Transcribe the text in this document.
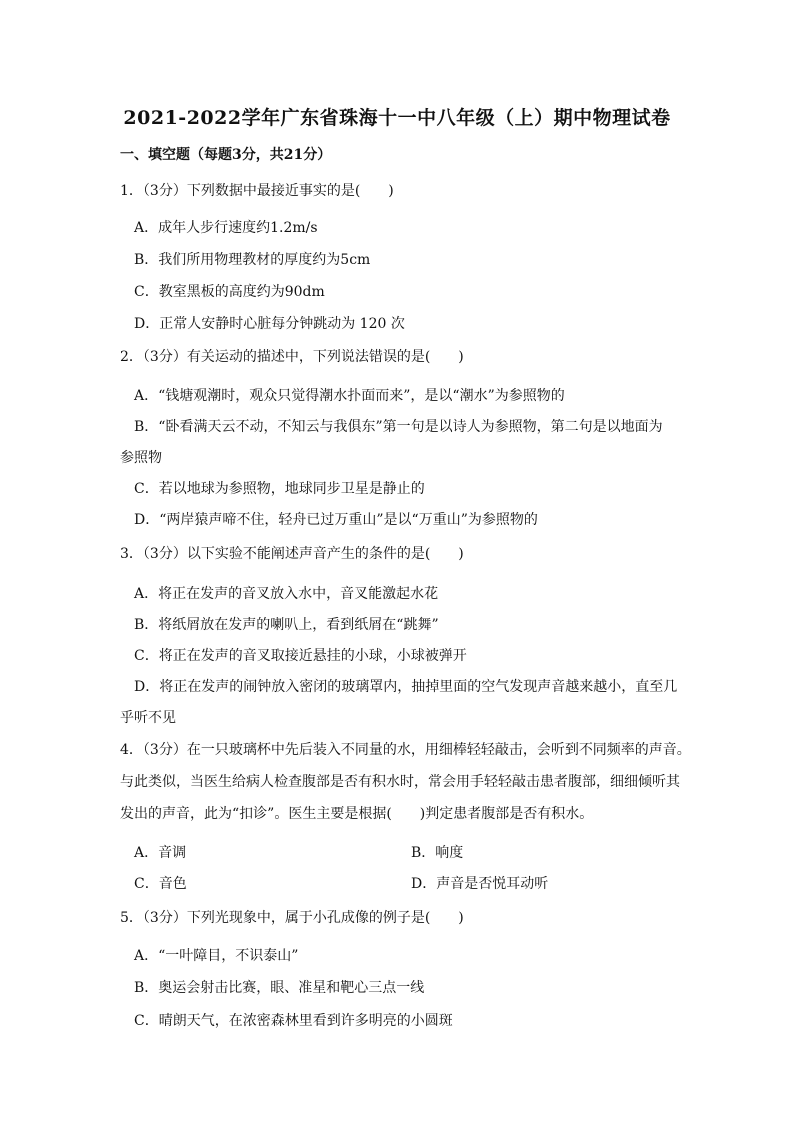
2021-2022学年广东省珠海十一中八年级（上）期中物理试卷
一、填空题（每题3分，共21分）
1．（3分）下列数据中最接近事实的是(　　)
A．成年人步行速度约1.2m/s
B．我们所用物理教材的厚度约为5cm
C．教室黑板的高度约为90dm
D．正常人安静时心脏每分钟跳动为 120 次
2．（3分）有关运动的描述中，下列说法错误的是(　　)
A．“钱塘观潮时，观众只觉得潮水扑面而来”，是以“潮水”为参照物的
B．“卧看满天云不动，不知云与我俱东”第一句是以诗人为参照物，第二句是以地面为
参照物
C．若以地球为参照物，地球同步卫星是静止的
D．“两岸猿声啼不住，轻舟已过万重山”是以“万重山”为参照物的
3．（3分）以下实验不能阐述声音产生的条件的是(　　)
A．将正在发声的音叉放入水中，音叉能激起水花
B．将纸屑放在发声的喇叭上，看到纸屑在“跳舞”
C．将正在发声的音叉取接近悬挂的小球，小球被弹开
D．将正在发声的闹钟放入密闭的玻璃罩内，抽掉里面的空气发现声音越来越小，直至几
乎听不见
4．（3分）在一只玻璃杯中先后装入不同量的水，用细棒轻轻敲击，会听到不同频率的声音。
与此类似，当医生给病人检查腹部是否有积水时，常会用手轻轻敲击患者腹部，细细倾听其
发出的声音，此为“扣诊”。医生主要是根据(　　)判定患者腹部是否有积水。
A．音调	B．响度
C．音色	D．声音是否悦耳动听
5．（3分）下列光现象中，属于小孔成像的例子是(　　)
A．“一叶障目，不识泰山”
B．奥运会射击比赛，眼、准星和靶心三点一线
C．晴朗天气，在浓密森林里看到许多明亮的小圆斑
